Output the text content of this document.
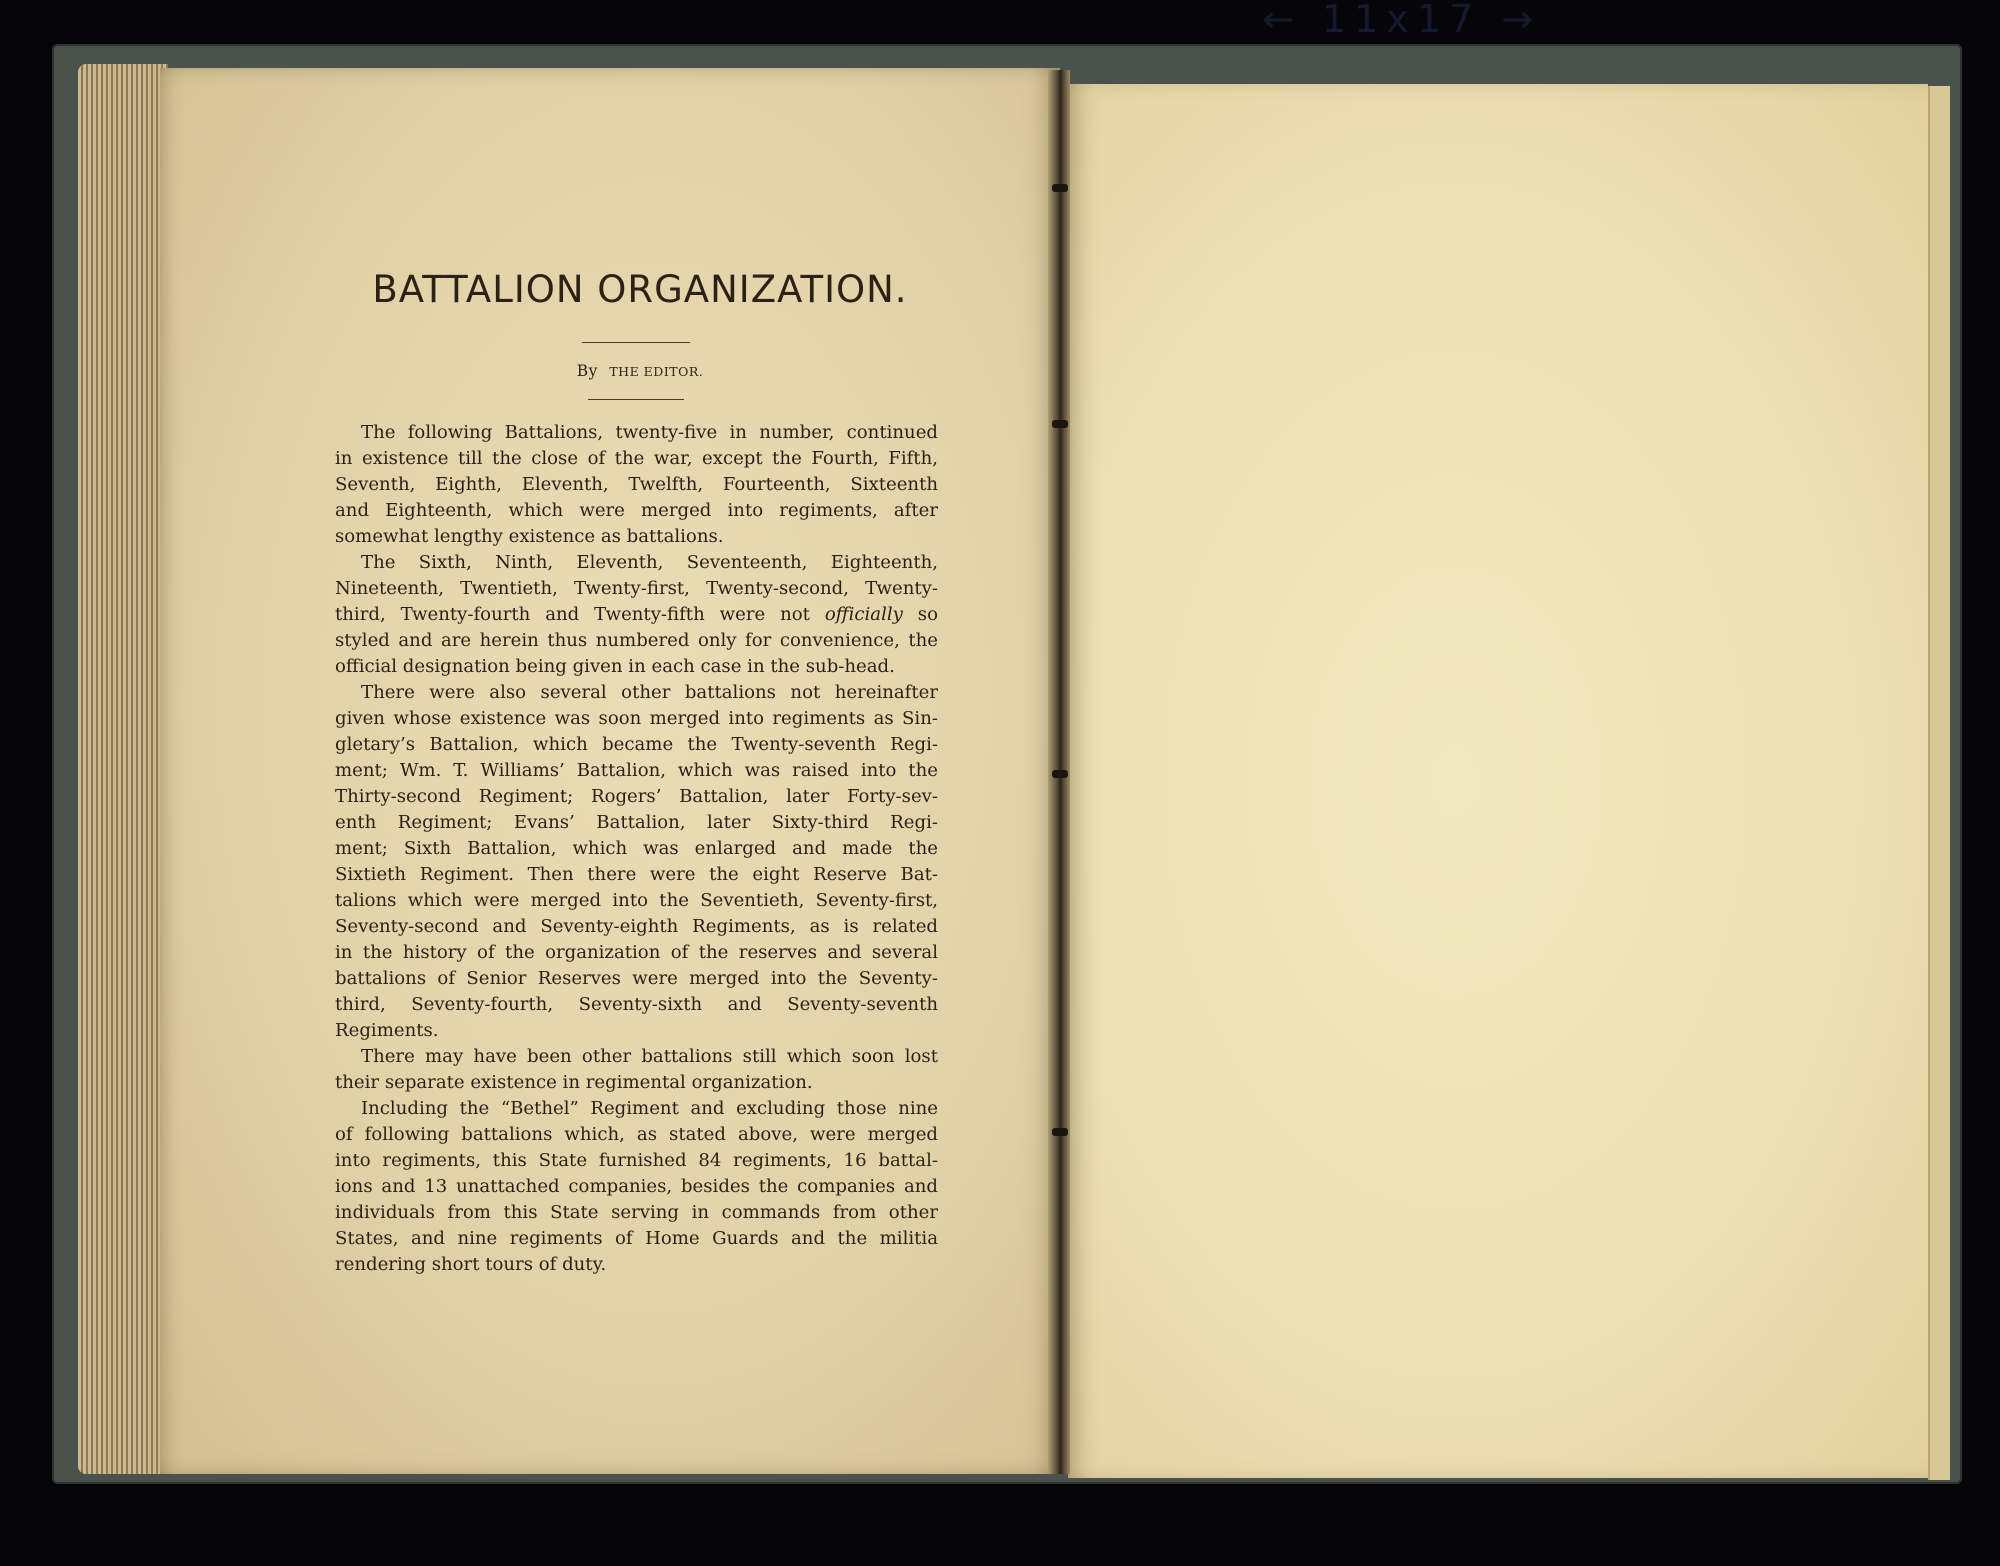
← 11x17 →
BATTALION ORGANIZATION.
By THE EDITOR.
The following Battalions, twenty-five in number, continued
in existence till the close of the war, except the Fourth, Fifth,
Seventh, Eighth, Eleventh, Twelfth, Fourteenth, Sixteenth
and Eighteenth, which were merged into regiments, after
somewhat lengthy existence as battalions.
The Sixth, Ninth, Eleventh, Seventeenth, Eighteenth,
Nineteenth, Twentieth, Twenty-first, Twenty-second, Twenty-
third, Twenty-fourth and Twenty-fifth were not officially so
styled and are herein thus numbered only for convenience, the
official designation being given in each case in the sub-head.
There were also several other battalions not hereinafter
given whose existence was soon merged into regiments as Sin-
gletary’s Battalion, which became the Twenty-seventh Regi-
ment; Wm. T. Williams’ Battalion, which was raised into the
Thirty-second Regiment; Rogers’ Battalion, later Forty-sev-
enth Regiment; Evans’ Battalion, later Sixty-third Regi-
ment; Sixth Battalion, which was enlarged and made the
Sixtieth Regiment. Then there were the eight Reserve Bat-
talions which were merged into the Seventieth, Seventy-first,
Seventy-second and Seventy-eighth Regiments, as is related
in the history of the organization of the reserves and several
battalions of Senior Reserves were merged into the Seventy-
third, Seventy-fourth, Seventy-sixth and Seventy-seventh
Regiments.
There may have been other battalions still which soon lost
their separate existence in regimental organization.
Including the “Bethel” Regiment and excluding those nine
of following battalions which, as stated above, were merged
into regiments, this State furnished 84 regiments, 16 battal-
ions and 13 unattached companies, besides the companies and
individuals from this State serving in commands from other
States, and nine regiments of Home Guards and the militia
rendering short tours of duty.
